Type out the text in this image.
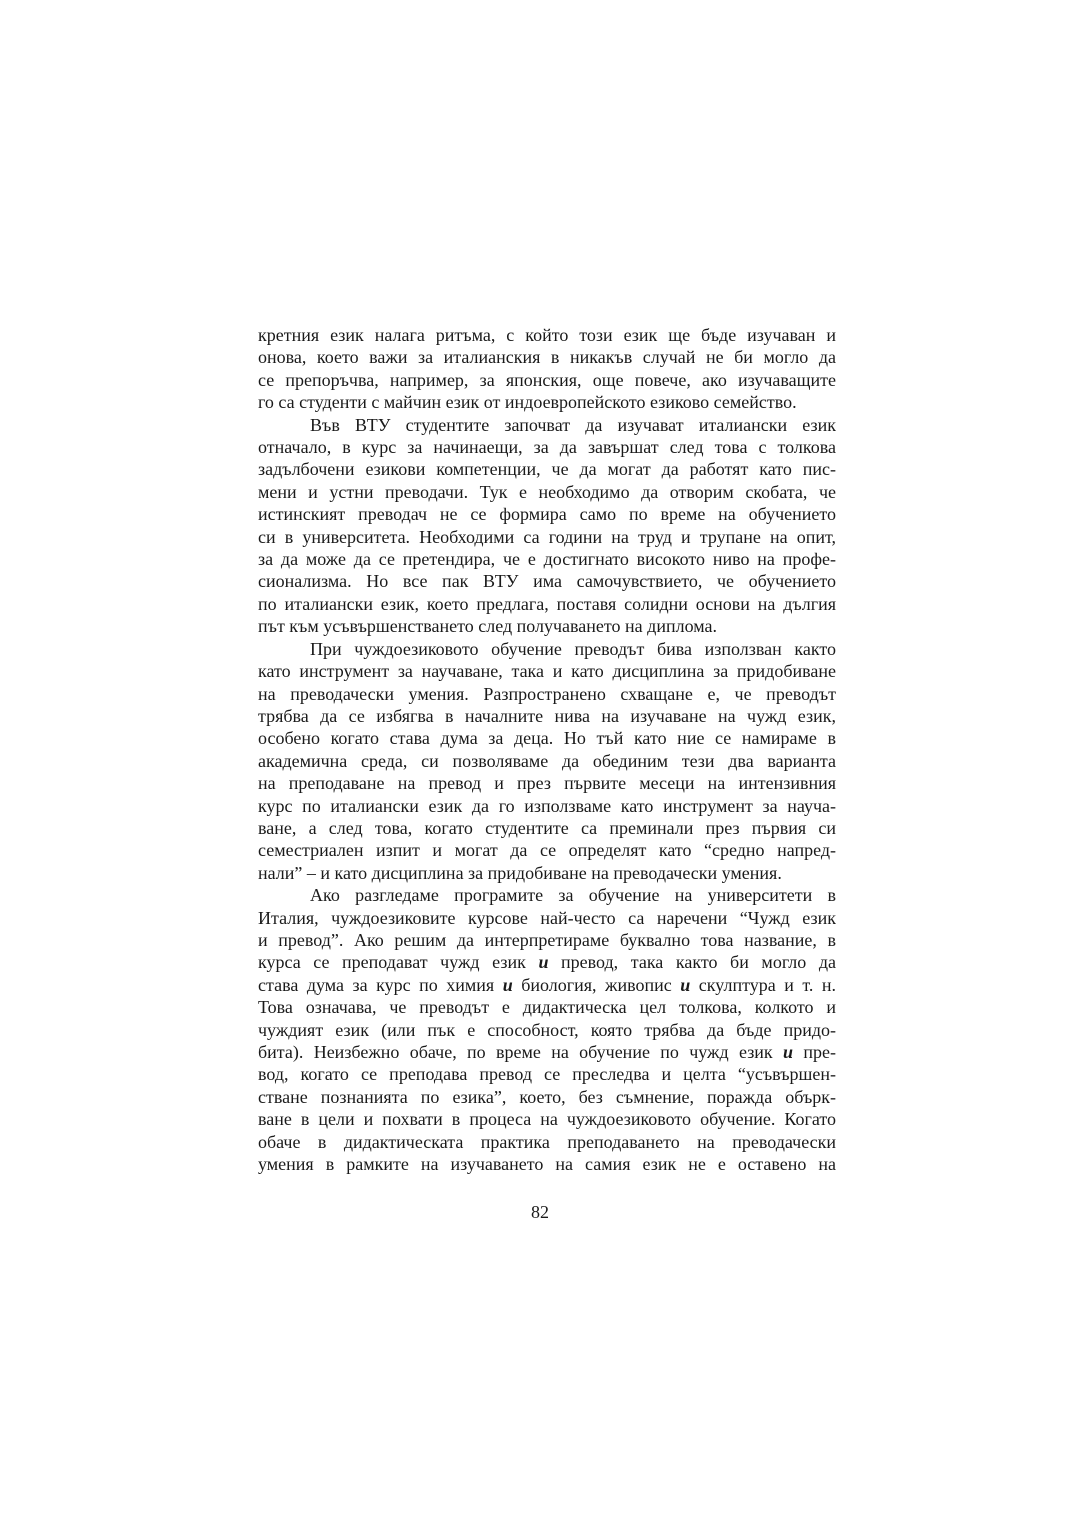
кретния език налага ритъма, с който този език ще бъде изучаван и

онова, което важи за италианския в никакъв случай не би могло да

се препоръчва, например, за японския, още повече, ако изучаващите

го са студенти с майчин език от индоевропейското езиково семейство.

Във ВТУ студентите започват да изучават италиански език

отначало, в курс за начинаещи, за да завършат след това с толкова

задълбочени езикови компетенции, че да могат да работят като пис-

мени и устни преводачи. Тук е необходимо да отворим скобата, че

истинският преводач не се формира само по време на обучението

си в университета. Необходими са години на труд и трупане на опит,

за да може да се претендира, че е достигнато високото ниво на профе-

сионализма. Но все пак ВТУ има самочувствието, че обучението

по италиански език, което предлага, поставя солидни основи на дългия

път към усъвършенстването след получаването на диплома.

При чуждоезиковото обучение преводът бива използван както

като инструмент за научаване, така и като дисциплина за придобиване

на преводачески умения. Разпространено схващане е, че преводът

трябва да се избягва в началните нива на изучаване на чужд език,

особено когато става дума за деца. Но тъй като ние се намираме в

академична среда, си позволяваме да обединим тези два варианта

на преподаване на превод и през първите месеци на интензивния

курс по италиански език да го използваме като инструмент за научa-

ване, а след това, когато студентите са преминали през първия си

семестриален изпит и могат да се определят като “средно напред-

нали” – и като дисциплина за придобиване на преводачески умения.

Ако разгледаме програмите за обучение на университети в

Италия, чуждоезиковите курсове най-често са наречени “Чужд език

и превод”. Ако решим да интерпретираме буквално това название, в

курса се преподават чужд език и превод, така както би могло да

става дума за курс по химия и биология, живопис и скулптура и т. н.

Това означава, че преводът е дидактическа цел толкова, колкото и

чуждият език (или пък е способност, която трябва да бъде придо-

бита). Неизбежно обаче, по време на обучение по чужд език и пре-

вод, когато се преподава превод се преследва и целта “усъвършен-

стване познанията по езика”, което, без съмнение, поражда обърк-

ване в цели и похвати в процеса на чуждоезиковото обучение. Когато

обаче в дидактическата практика преподаването на преводачески

умения в рамките на изучаването на самия език не е оставено на

82
